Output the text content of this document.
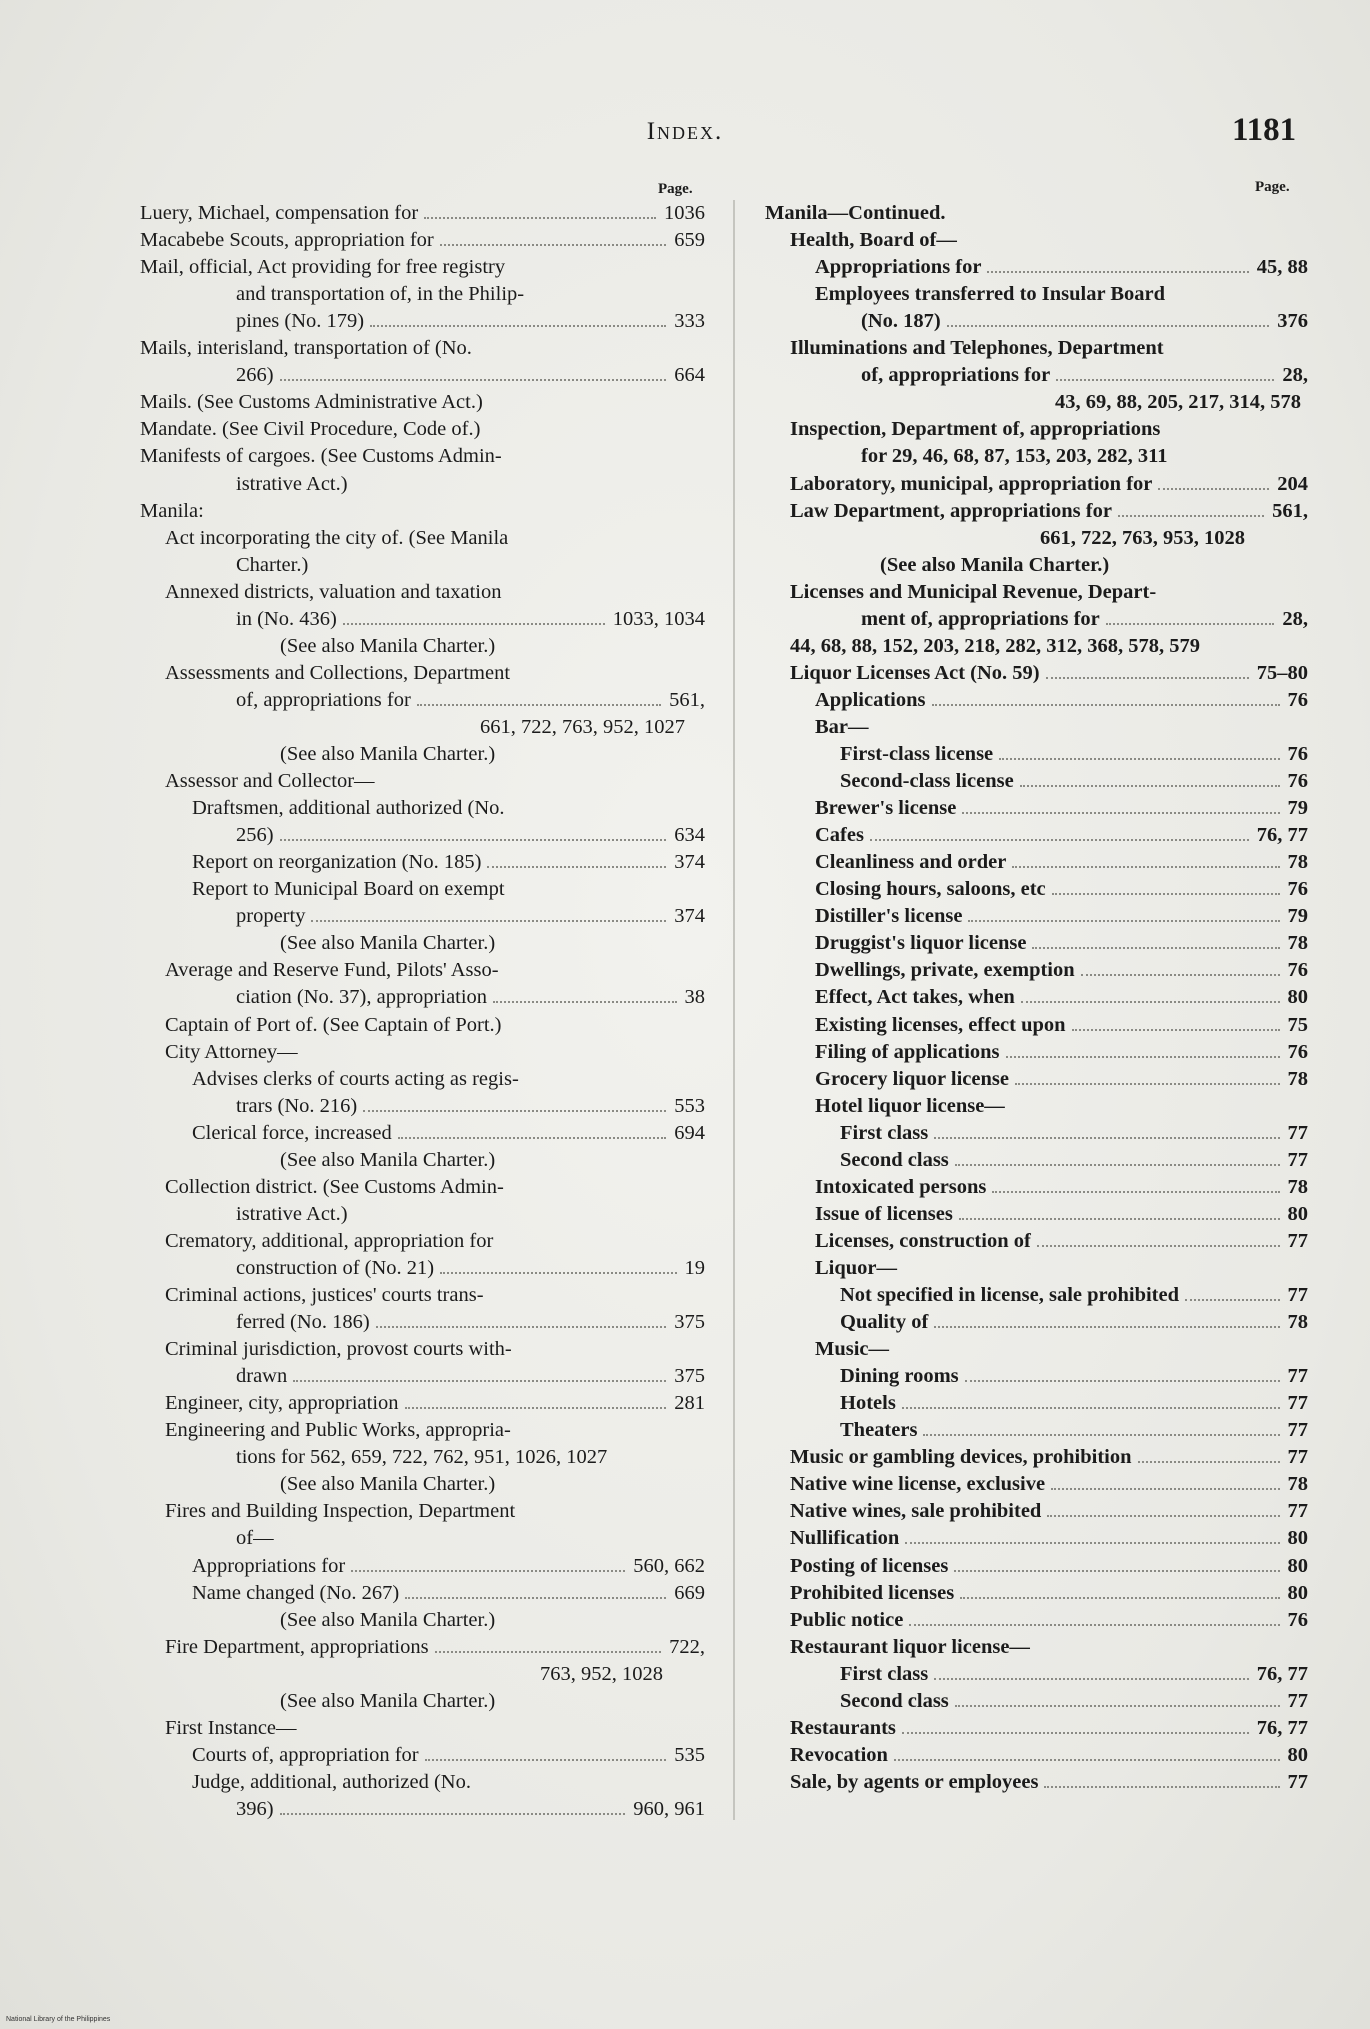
Index.	1181
Page.	Page.
Luery, Michael, compensation for	1036
Macabebe Scouts, appropriation for	659
Mail, official, Act providing for free registry
and transportation of, in the Philip-
pines (No. 179)	333
Mails, interisland, transportation of (No.
266)	664
Mails. (See Customs Administrative Act.)
Mandate. (See Civil Procedure, Code of.)
Manifests of cargoes. (See Customs Admin-
istrative Act.)
Manila:
Act incorporating the city of. (See Manila
Charter.)
Annexed districts, valuation and taxation
in (No. 436)	1033, 1034
(See also Manila Charter.)
Assessments and Collections, Department
of, appropriations for	561,
661, 722, 763, 952, 1027
(See also Manila Charter.)
Assessor and Collector—
Draftsmen, additional authorized (No.
256)	634
Report on reorganization (No. 185)	374
Report to Municipal Board on exempt
property	374
(See also Manila Charter.)
Average and Reserve Fund, Pilots' Asso-
ciation (No. 37), appropriation	38
Captain of Port of. (See Captain of Port.)
City Attorney—
Advises clerks of courts acting as regis-
trars (No. 216)	553
Clerical force, increased	694
(See also Manila Charter.)
Collection district. (See Customs Admin-
istrative Act.)
Crematory, additional, appropriation for
construction of (No. 21)	19
Criminal actions, justices' courts trans-
ferred (No. 186)	375
Criminal jurisdiction, provost courts with-
drawn	375
Engineer, city, appropriation	281
Engineering and Public Works, appropria-
tions for 562, 659, 722, 762, 951, 1026, 1027
(See also Manila Charter.)
Fires and Building Inspection, Department
of—
Appropriations for	560, 662
Name changed (No. 267)	669
(See also Manila Charter.)
Fire Department, appropriations	722,
763, 952, 1028
(See also Manila Charter.)
First Instance—
Courts of, appropriation for	535
Judge, additional, authorized (No.
396)	960, 961
Manila—Continued.
Health, Board of—
Appropriations for	45, 88
Employees transferred to Insular Board
(No. 187)	376
Illuminations and Telephones, Department
of, appropriations for	28,
43, 69, 88, 205, 217, 314, 578
Inspection, Department of, appropriations
for 29, 46, 68, 87, 153, 203, 282, 311
Laboratory, municipal, appropriation for	204
Law Department, appropriations for	561,
661, 722, 763, 953, 1028
(See also Manila Charter.)
Licenses and Municipal Revenue, Depart-
ment of, appropriations for	28,
44, 68, 88, 152, 203, 218, 282, 312, 368, 578, 579
Liquor Licenses Act (No. 59)	75–80
Applications	76
Bar—
First-class license	76
Second-class license	76
Brewer's license	79
Cafes	76, 77
Cleanliness and order	78
Closing hours, saloons, etc	76
Distiller's license	79
Druggist's liquor license	78
Dwellings, private, exemption	76
Effect, Act takes, when	80
Existing licenses, effect upon	75
Filing of applications	76
Grocery liquor license	78
Hotel liquor license—
First class	77
Second class	77
Intoxicated persons	78
Issue of licenses	80
Licenses, construction of	77
Liquor—
Not specified in license, sale prohibited	77
Quality of	78
Music—
Dining rooms	77
Hotels	77
Theaters	77
Music or gambling devices, prohibition	77
Native wine license, exclusive	78
Native wines, sale prohibited	77
Nullification	80
Posting of licenses	80
Prohibited licenses	80
Public notice	76
Restaurant liquor license—
First class	76, 77
Second class	77
Restaurants	76, 77
Revocation	80
Sale, by agents or employees	77
National Library of the Philippines
